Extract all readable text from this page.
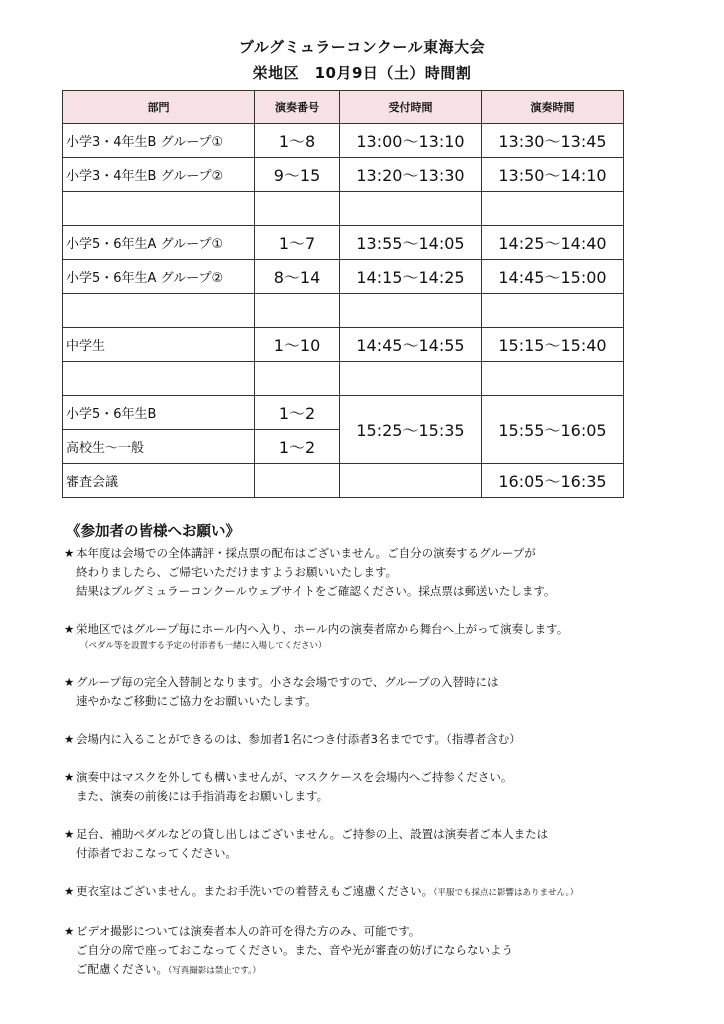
ブルグミュラーコンクール東海大会
栄地区　10月9日（土）時間割
部門	演奏番号	受付時間	演奏時間
小学3・4年生B グループ①	1～8	13:00～13:10	13:30～13:45
小学3・4年生B グループ②	9～15	13:20～13:30	13:50～14:10

小学5・6年生A グループ①	1～7	13:55～14:05	14:25～14:40
小学5・6年生A グループ②	8～14	14:15～14:25	14:45～15:00

中学生	1～10	14:45～14:55	15:15～15:40

小学5・6年生B	1～2	15:25～15:35	15:55～16:05
高校生～一般	1～2		
審査会議			16:05～16:35
《参加者の皆様へお願い》
★ 本年度は会場での全体講評・採点票の配布はございません。ご自分の演奏するグループが
終わりましたら、ご帰宅いただけますようお願いいたします。
結果はブルグミュラーコンクールウェブサイトをご確認ください。採点票は郵送いたします。
★ 栄地区ではグループ毎にホール内へ入り、ホール内の演奏者席から舞台へ上がって演奏します。
（ペダル等を設置する予定の付添者も一緒に入場してください）
★ グループ毎の完全入替制となります。小さな会場ですので、グループの入替時には
速やかなご移動にご協力をお願いいたします。
★ 会場内に入ることができるのは、参加者1名につき付添者3名までです。（指導者含む）
★ 演奏中はマスクを外しても構いませんが、マスクケースを会場内へご持参ください。
また、演奏の前後には手指消毒をお願いします。
★ 足台、補助ペダルなどの貸し出しはございません。ご持参の上、設置は演奏者ご本人または
付添者でおこなってください。
★ 更衣室はございません。またお手洗いでの着替えもご遠慮ください。（平服でも採点に影響はありません。）
★ ビデオ撮影については演奏者本人の許可を得た方のみ、可能です。
ご自分の席で座っておこなってください。また、音や光が審査の妨げにならないよう
ご配慮ください。（写真撮影は禁止です。）
